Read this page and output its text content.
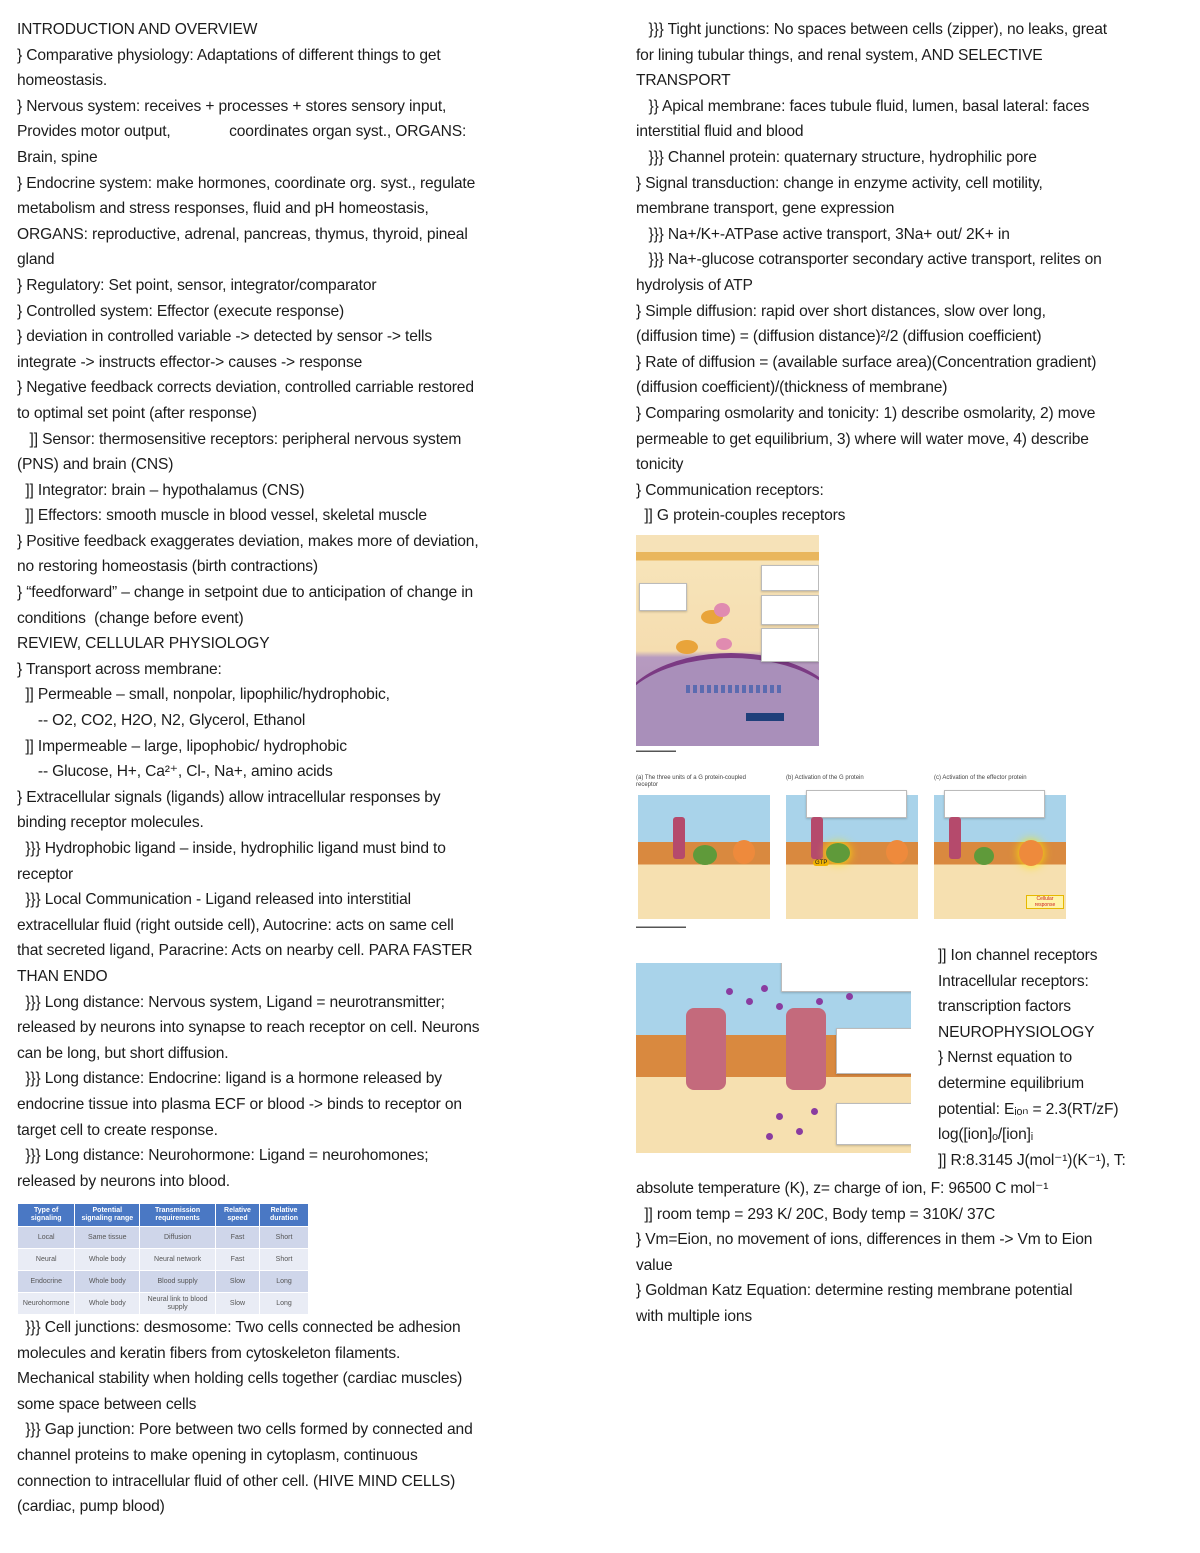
INTRODUCTION AND OVERVIEW
} Comparative physiology: Adaptations of different things to get
homeostasis.
} Nervous system: receives + processes + stores sensory input,
Provides motor output,              coordinates organ syst., ORGANS:
Brain, spine
} Endocrine system: make hormones, coordinate org. syst., regulate
metabolism and stress responses, fluid and pH homeostasis,
ORGANS: reproductive, adrenal, pancreas, thymus, thyroid, pineal
gland
} Regulatory: Set point, sensor, integrator/comparator
} Controlled system: Effector (execute response)
} deviation in controlled variable -> detected by sensor -> tells
integrate -> instructs effector-> causes -> response
} Negative feedback corrects deviation, controlled carriable restored
to optimal set point (after response)
]] Sensor: thermosensitive receptors: peripheral nervous system
(PNS) and brain (CNS)
]] Integrator: brain – hypothalamus (CNS)
]] Effectors: smooth muscle in blood vessel, skeletal muscle
} Positive feedback exaggerates deviation, makes more of deviation,
no restoring homeostasis (birth contractions)
} “feedforward” – change in setpoint due to anticipation of change in
conditions  (change before event)
REVIEW, CELLULAR PHYSIOLOGY
} Transport across membrane:
]] Permeable – small, nonpolar, lipophilic/hydrophobic,
-- O2, CO2, H2O, N2, Glycerol, Ethanol
]] Impermeable – large, lipophobic/ hydrophobic
-- Glucose, H+, Ca²⁺, Cl-, Na+, amino acids
} Extracellular signals (ligands) allow intracellular responses by
binding receptor molecules.
}}} Hydrophobic ligand – inside, hydrophilic ligand must bind to
receptor
}}} Local Communication - Ligand released into interstitial
extracellular fluid (right outside cell), Autocrine: acts on same cell
that secreted ligand, Paracrine: Acts on nearby cell. PARA FASTER
THAN ENDO
}}} Long distance: Nervous system, Ligand = neurotransmitter;
released by neurons into synapse to reach receptor on cell. Neurons
can be long, but short diffusion.
}}} Long distance: Endocrine: ligand is a hormone released by
endocrine tissue into plasma ECF or blood -> binds to receptor on
target cell to create response.
}}} Long distance: Neurohormone: Ligand = neurohomones;
released by neurons into blood.
Type of signaling	Potential signaling range	Transmission requirements	Relative speed	Relative duration
Local	Same tissue	Diffusion	Fast	Short
Neural	Whole body	Neural network	Fast	Short
Endocrine	Whole body	Blood supply	Slow	Long
Neurohormone	Whole body	Neural link to blood supply	Slow	Long
}}} Cell junctions: desmosome: Two cells connected be adhesion
molecules and keratin fibers from cytoskeleton filaments.
Mechanical stability when holding cells together (cardiac muscles)
some space between cells
}}} Gap junction: Pore between two cells formed by connected and
channel proteins to make opening in cytoplasm, continuous
connection to intracellular fluid of other cell. (HIVE MIND CELLS)
(cardiac, pump blood)
}}} Tight junctions: No spaces between cells (zipper), no leaks, great
for lining tubular things, and renal system, AND SELECTIVE
TRANSPORT
}} Apical membrane: faces tubule fluid, lumen, basal lateral: faces
interstitial fluid and blood
}}} Channel protein: quaternary structure, hydrophilic pore
} Signal transduction: change in enzyme activity, cell motility,
membrane transport, gene expression
}}} Na+/K+-ATPase active transport, 3Na+ out/ 2K+ in
}}} Na+-glucose cotransporter secondary active transport, relites on
hydrolysis of ATP
} Simple diffusion: rapid over short distances, slow over long,
(diffusion time) = (diffusion distance)²/2 (diffusion coefficient)
} Rate of diffusion = (available surface area)(Concentration gradient)
(diffusion coefficient)/(thickness of membrane)
} Comparing osmolarity and tonicity: 1) describe osmolarity, 2) move
permeable to get equilibrium, 3) where will water move, 4) describe
tonicity
} Communication receptors:
]] G protein-couples receptors
▬▬▬▬▬▬▬▬
(a) The three units of a G protein-coupled receptor
(b) Activation of the G protein	(c) Activation of the effector protein
GTP
Cellular response
▬▬▬▬▬▬▬▬▬▬
]] Ion channel receptors
Intracellular receptors:
transcription factors
NEUROPHYSIOLOGY
} Nernst equation to
determine equilibrium
potential: Eᵢₒₙ = 2.3(RT/zF)
log([ion]ₒ/[ion]ᵢ
]] R:8.3145 J(mol⁻¹)(K⁻¹), T:
absolute temperature (K), z= charge of ion, F: 96500 C mol⁻¹
]] room temp = 293 K/ 20C, Body temp = 310K/ 37C
} Vm=Eion, no movement of ions, differences in them -> Vm to Eion
value
} Goldman Katz Equation: determine resting membrane potential
with multiple ions
